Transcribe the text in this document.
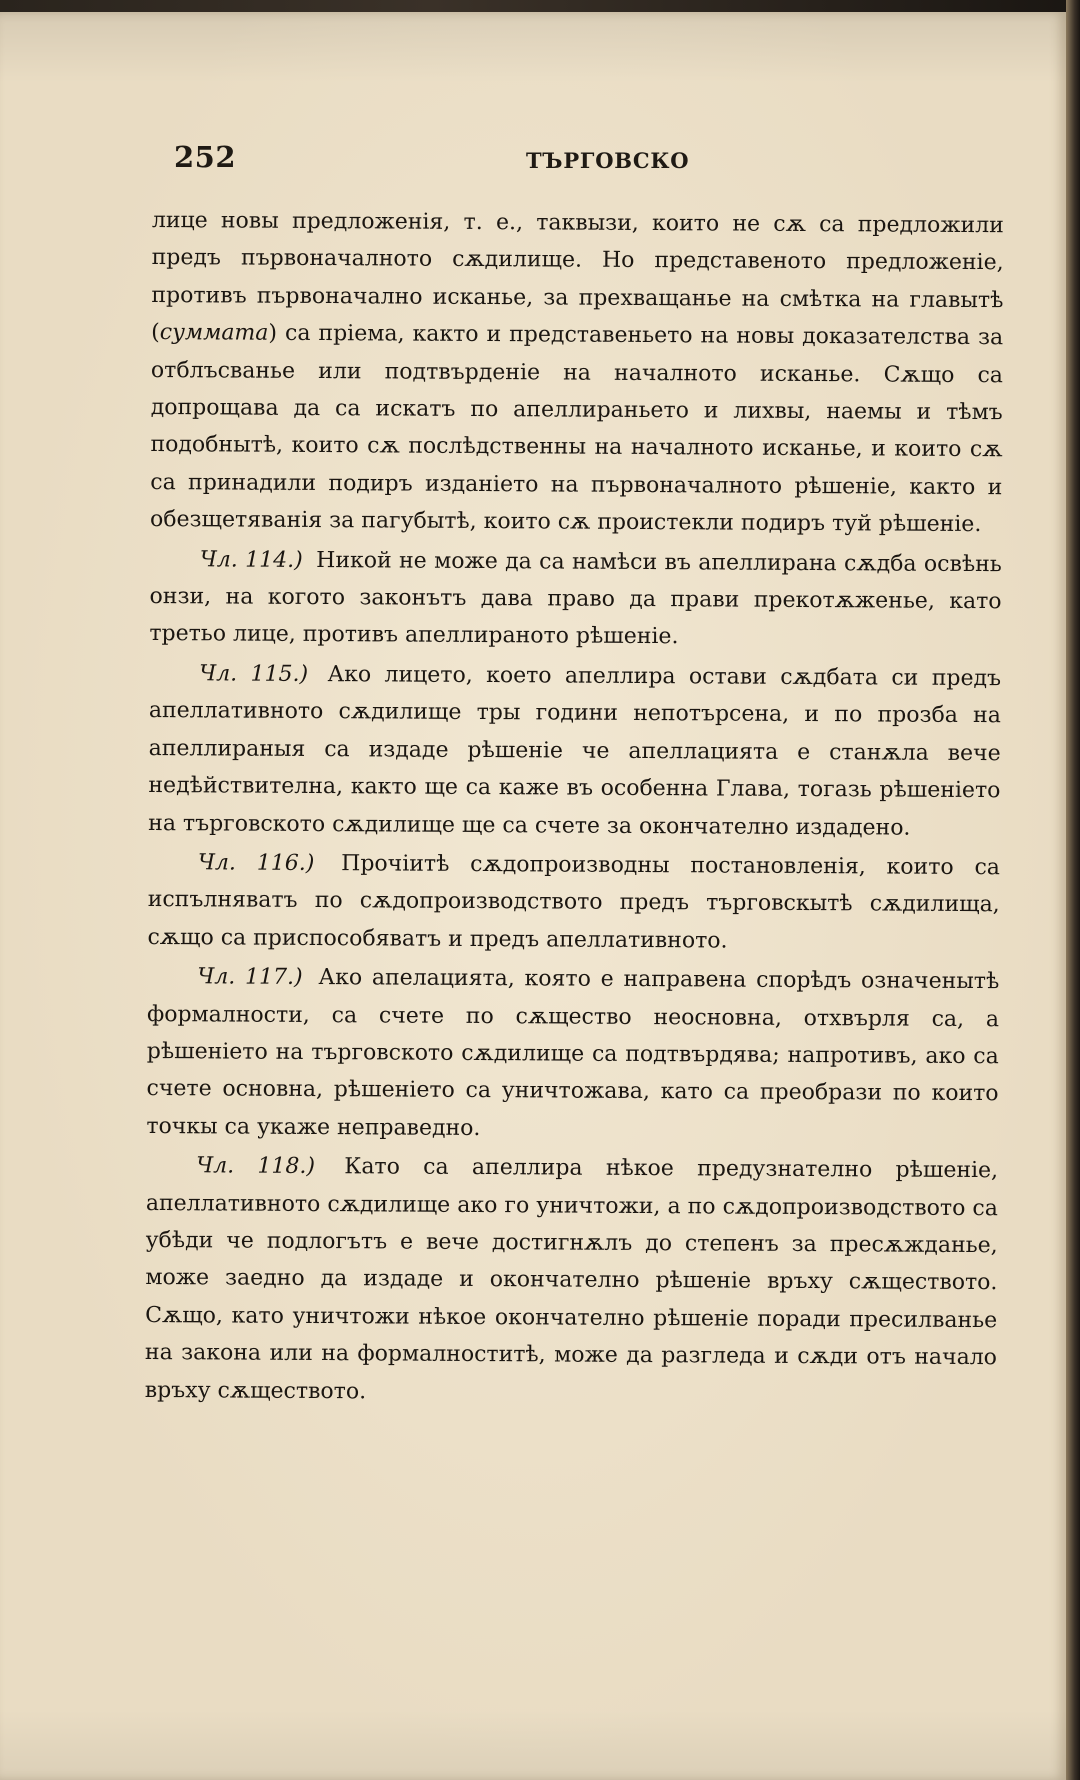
252	ТЪРГОВСКО

лице новы предложенія, т. е., таквызи, които не сѫ са предложили предъ първоначалното сѫдилище. Но представеното предложеніе, противъ първоначално исканье, за прехващанье на смѣтка на главытѣ (суммата) са пріема, както и представеньето на новы доказателства за отблъсванье или подтвърденіе на началното исканье. Сѫщо са допрощава да са искатъ по апеллираньето и лихвы, наемы и тѣмъ подобнытѣ, които сѫ послѣдственны на началното исканье, и които сѫ са принадили подиръ изданіето на първоначалното рѣшеніе, както и обезщетяванія за пагубытѣ, които сѫ проистекли подиръ туй рѣшеніе.

Чл. 114.) Никой не може да са намѣси въ апеллирана сѫдба освѣнь онзи, на когото законътъ дава право да прави прекотѫженье, като третьо лице, противъ апеллираното рѣшеніе.

Чл. 115.) Ако лицето, което апеллира остави сѫдбата си предъ апеллативното сѫдилище тры години непотърсена, и по прозба на апеллираныя са издаде рѣшеніе че апеллацията е станѫла вече недѣйствителна, както ще са каже въ особенна Глава, тогазь рѣшеніето на търговското сѫдилище ще са счете за окончателно издадено.

Чл. 116.) Прочіитѣ сѫдопроизводны постановленія, които са испълняватъ по сѫдопроизводството предъ търговскытѣ сѫдилища, сѫщо са приспособяватъ и предъ апеллативното.

Чл. 117.) Ако апелацията, която е направена спорѣдъ означенытѣ формалности, са счете по сѫщество неосновна, отхвърля са, а рѣшеніето на търговското сѫдилище са подтвърдява; напротивъ, ако са счете основна, рѣшеніето са уничтожава, като са преобрази по които точкы са укаже неправедно.

Чл. 118.) Като са апеллира нѣкое предузнателно рѣшеніе, апеллативното сѫдилище ако го уничтожи, а по сѫдопроизводството са убѣди че подлогътъ е вече достигнѫлъ до степенъ за пресѫжданье, може заедно да издаде и окончателно рѣшеніе връху сѫществото. Сѫщо, като уничтожи нѣкое окончателно рѣшеніе поради пресилванье на закона или на формалноститѣ, може да разгледа и сѫди отъ начало връху сѫществото.
